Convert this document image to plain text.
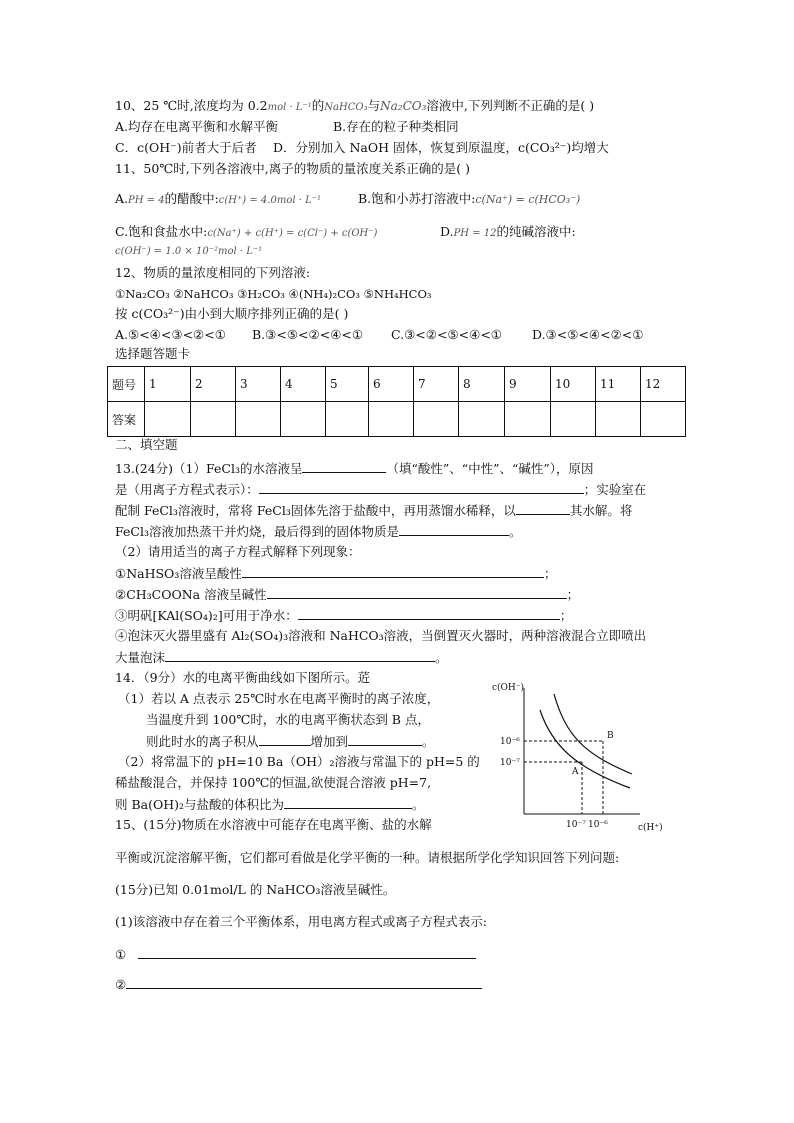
10、25 ℃时,浓度均为 0.2mol · L⁻¹的NaHCO₃与Na₂CO₃溶液中,下列判断不正确的是( )
A.均存在电离平衡和水解平衡	B.存在的粒子种类相同
C．c(OH⁻)前者大于后者 D．分别加入 NaOH 固体，恢复到原温度，c(CO₃²⁻)均增大
11、50℃时,下列各溶液中,离子的物质的量浓度关系正确的是( )
A.PH = 4的醋酸中:c(H⁺) = 4.0mol · L⁻¹	B.饱和小苏打溶液中:c(Na⁺) = c(HCO₃⁻)
C.饱和食盐水中:c(Na⁺) + c(H⁺) = c(Cl⁻) + c(OH⁻)	D.PH = 12的纯碱溶液中:
c(OH⁻) = 1.0 × 10⁻²mol · L⁻¹
12、物质的量浓度相同的下列溶液:
①Na₂CO₃ ②NaHCO₃ ③H₂CO₃ ④(NH₄)₂CO₃ ⑤NH₄HCO₃
按 c(CO₃²⁻)由小到大顺序排列正确的是( )
A.⑤<④<③<②<① B.③<⑤<②<④<① C.③<②<⑤<④<① D.③<⑤<④<②<①
选择题答题卡
题号	1	2	3	4	5	6	7	8	9	10	11	12
答案												
二、填空题
13.(24分)（1）FeCl₃的水溶液呈	（填“酸性”、“中性”、“碱性”），原因
是（用离子方程式表示）：	；实验室在
配制 FeCl₃溶液时，常将 FeCl₃固体先溶于盐酸中，再用蒸馏水稀释，以	其水解。将
FeCl₃溶液加热蒸干并灼烧，最后得到的固体物质是	。
（2）请用适当的离子方程式解释下列现象：
①NaHSO₃溶液呈酸性	；
②CH₃COONa 溶液呈碱性	；
③明矾[KAl(SO₄)₂]可用于净水：	；
④泡沫灭火器里盛有 Al₂(SO₄)₃溶液和 NaHCO₃溶液，当倒置灭火器时，两种溶液混合立即喷出
大量泡沫	。
14．（9分）水的电离平衡曲线如下图所示。菦
（1）若以 A 点表示 25℃时水在电离平衡时的离子浓度，
当温度升到 100℃时，水的电离平衡状态到 B 点，
则此时水的离子积从	增加到	。
（2）将常温下的 pH=10 Ba（OH）₂溶液与常温下的 pH=5 的
稀盐酸混合，并保持 100℃的恒温,欲使混合溶液 pH=7,
则 Ba(OH)₂与盐酸的体积比为	。
c(OH⁻)
c(H⁺)
10⁻⁶
10⁻⁷
10⁻⁷ 10⁻⁶
A
B
15、(15分)物质在水溶液中可能存在电离平衡、盐的水解
平衡或沉淀溶解平衡，它们都可看做是化学平衡的一种。请根据所学化学知识回答下列问题:
(15分)已知 0.01mol/L 的 NaHCO₃溶液呈碱性。
(1)该溶液中存在着三个平衡体系，用电离方程式或离子方程式表示:
①
②
